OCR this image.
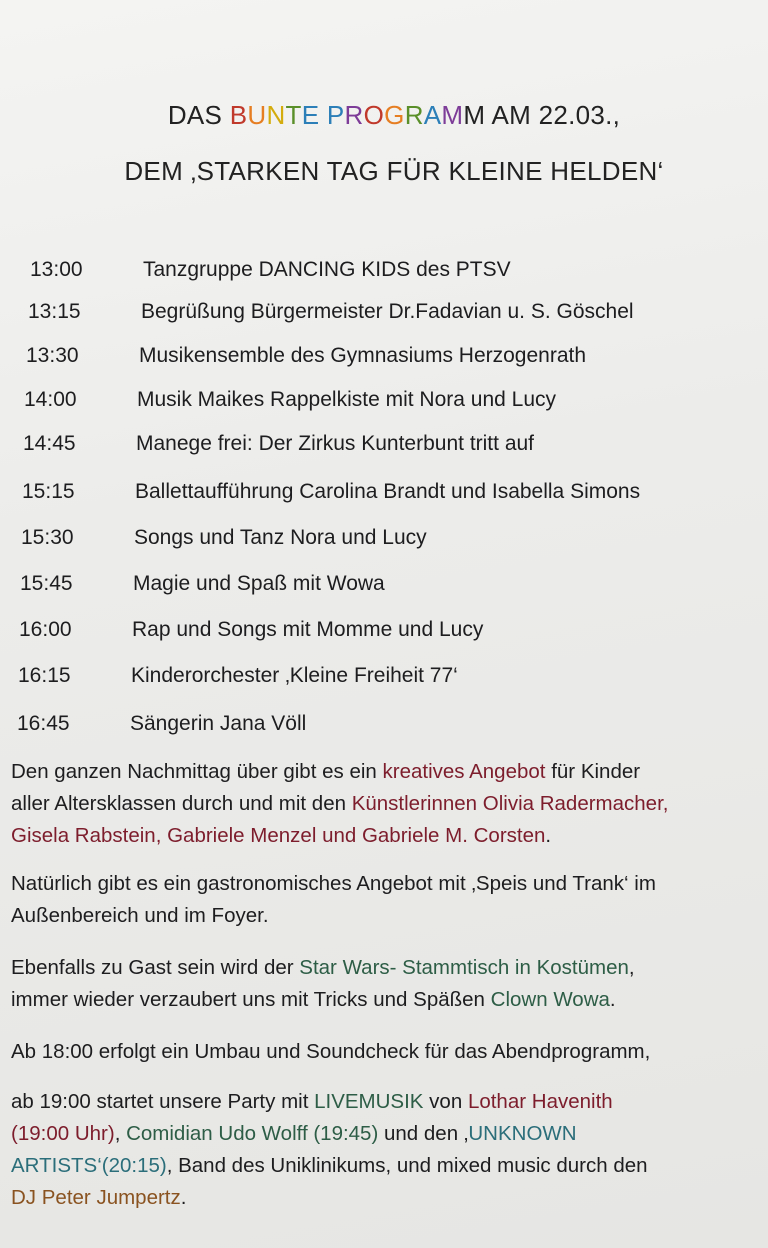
DAS BUNTE PROGRAMM AM 22.03.,
DEM ‚STARKEN TAG FÜR KLEINE HELDEN‘
13:00	Tanzgruppe DANCING KIDS des PTSV
13:15	Begrüßung Bürgermeister Dr.Fadavian u. S. Göschel
13:30	Musikensemble des Gymnasiums Herzogenrath
14:00	Musik Maikes Rappelkiste mit Nora und Lucy
14:45	Manege frei: Der Zirkus Kunterbunt tritt auf
15:15	Ballettaufführung Carolina Brandt und Isabella Simons
15:30	Songs und Tanz Nora und Lucy
15:45	Magie und Spaß mit Wowa
16:00	Rap und Songs mit Momme und Lucy
16:15	Kinderorchester ‚Kleine Freiheit 77‘
16:45	Sängerin Jana Völl
Den ganzen Nachmittag über gibt es ein kreatives Angebot für Kinder
aller Altersklassen durch und mit den Künstlerinnen Olivia Radermacher,
Gisela Rabstein, Gabriele Menzel und Gabriele M. Corsten.
Natürlich gibt es ein gastronomisches Angebot mit ‚Speis und Trank‘ im
Außenbereich und im Foyer.
Ebenfalls zu Gast sein wird der Star Wars- Stammtisch in Kostümen,
immer wieder verzaubert uns mit Tricks und Späßen Clown Wowa.
Ab 18:00 erfolgt ein Umbau und Soundcheck für das Abendprogramm,
ab 19:00 startet unsere Party mit LIVEMUSIK von Lothar Havenith
(19:00 Uhr), Comidian Udo Wolff (19:45) und den ‚UNKNOWN
ARTISTS‘(20:15), Band des Uniklinikums, und mixed music durch den
DJ Peter Jumpertz.
